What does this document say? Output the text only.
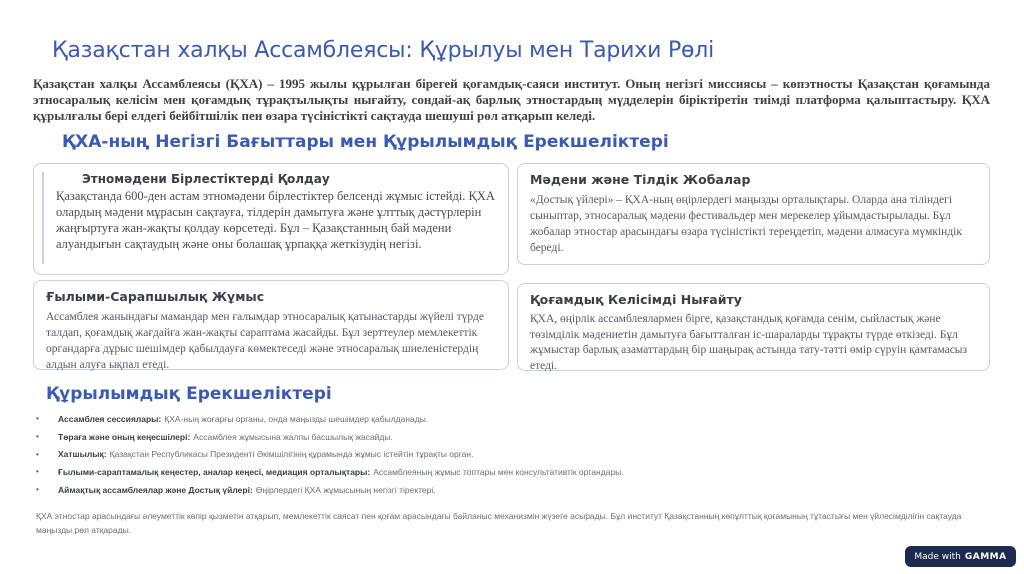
Қазақстан халқы Ассамблеясы: Құрылуы мен Тарихи Рөлі

Қазақстан халқы Ассамблеясы (ҚХА) – 1995 жылы құрылған бірегей қоғамдық-саяси институт. Оның негізгі миссиясы – көпэтносты Қазақстан қоғамында этносаралық келісім мен қоғамдық тұрақтылықты нығайту, сондай-ақ барлық этностардың мүдделерін біріктіретін тиімді платформа қалыптастыру. ҚХА құрылғалы бері елдегі бейбітшілік пен өзара түсіністікті сақтауда шешуші рөл атқарып келеді.

ҚХА-ның Негізгі Бағыттары мен Құрылымдық Ерекшеліктері
Этномәдени Бірлестіктерді Қолдау
Қазақстанда 600-ден астам этномәдени бірлестіктер белсенді жұмыс істейді. ҚХА олардың мәдени мұрасын сақтауға, тілдерін дамытуға және ұлттық дәстүрлерін жаңғыртуға жан-жақты қолдау көрсетеді. Бұл – Қазақстанның бай мәдени алуандығын сақтаудың және оны болашақ ұрпаққа жеткізудің негізі.
Мәдени және Тілдік Жобалар
«Достық үйлері» – ҚХА-ның өңірлердегі маңызды орталықтары. Оларда ана тіліндегі сыныптар, этносаралық мәдени фестивальдер мен мерекелер ұйымдастырылады. Бұл жобалар этностар арасындағы өзара түсіністікті тереңдетіп, мәдени алмасуға мүмкіндік береді.
Ғылыми-Сарапшылық Жұмыс
Ассамблея жанындағы мамандар мен ғалымдар этносаралық қатынастарды жүйелі түрде талдап, қоғамдық жағдайға жан-жақты сараптама жасайды. Бұл зерттеулер мемлекеттік органдарға дұрыс шешімдер қабылдауға көмектеседі және этносаралық шиеленістердің алдын алуға ықпал етеді.
Қоғамдық Келісімді Нығайту
ҚХА, өңірлік ассамблеялармен бірге, қазақстандық қоғамда сенім, сыйластық және төзімділік мәдениетін дамытуға бағытталған іс-шараларды тұрақты түрде өткізеді. Бұл жұмыстар барлық азаматтардың бір шаңырақ астында тату-тәтті өмір сүруін қамтамасыз етеді.
Құрылымдық Ерекшеліктері
•	Ассамблея сессиялары: ҚХА-ның жоғарғы органы, онда маңызды шешімдер қабылданады.
•	Төраға және оның кеңесшілері: Ассамблея жұмысына жалпы басшылық жасайды.
•	Хатшылық: Қазақстан Республикасы Президенті Әкімшілігінің құрамында жұмыс істейтін тұрақты орган.
•	Ғылыми-сараптамалық кеңестер, аналар кеңесі, медиация орталықтары: Ассамблеяның жұмыс топтары мен консультативтік органдары.
•	Аймақтық ассамблеялар және Достық үйлері: Өңірлердегі ҚХА жұмысының негізгі тіректері.

ҚХА этностар арасындағы әлеуметтік көпір қызметін атқарып, мемлекеттік саясат пен қоғам арасындағы байланыс механизмін жүзеге асырады. Бұл институт Қазақстанның көпұлттық қоғамының тұтастығы мен үйлесімділігін сақтауда маңызды рөл атқарады.

Made with GAMMA
